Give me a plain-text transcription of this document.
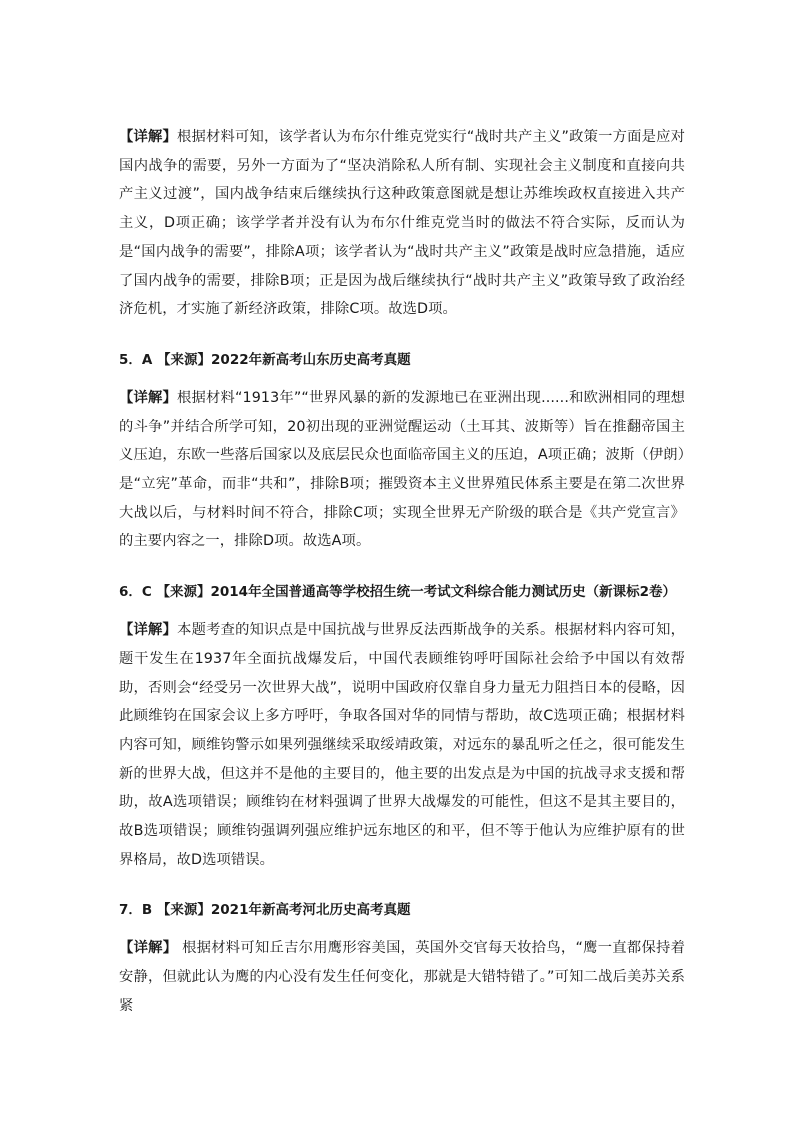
【详解】根据材料可知，该学者认为布尔什维克党实行“战时共产主义”政策一方面是应对国内战争的需要，另外一方面为了“坚决消除私人所有制、实现社会主义制度和直接向共产主义过渡”，国内战争结束后继续执行这种政策意图就是想让苏维埃政权直接进入共产主义，D项正确；该学学者并没有认为布尔什维克党当时的做法不符合实际，反而认为是“国内战争的需要”，排除A项；该学者认为“战时共产主义”政策是战时应急措施，适应了国内战争的需要，排除B项；正是因为战后继续执行“战时共产主义”政策导致了政治经济危机，才实施了新经济政策，排除C项。故选D项。

5．A 【来源】2022年新高考山东历史高考真题

【详解】根据材料“1913年”“世界风暴的新的发源地已在亚洲出现......和欧洲相同的理想的斗争”并结合所学可知，20初出现的亚洲觉醒运动（土耳其、波斯等）旨在推翻帝国主义压迫，东欧一些落后国家以及底层民众也面临帝国主义的压迫，A项正确；波斯（伊朗）是“立宪”革命，而非“共和”，排除B项；摧毁资本主义世界殖民体系主要是在第二次世界大战以后，与材料时间不符合，排除C项；实现全世界无产阶级的联合是《共产党宣言》的主要内容之一，排除D项。故选A项。

6．C 【来源】2014年全国普通高等学校招生统一考试文科综合能力测试历史（新课标2卷）

【详解】本题考查的知识点是中国抗战与世界反法西斯战争的关系。根据材料内容可知，题干发生在1937年全面抗战爆发后，中国代表顾维钧呼吁国际社会给予中国以有效帮助，否则会“经受另一次世界大战”，说明中国政府仅靠自身力量无力阻挡日本的侵略，因此顾维钧在国家会议上多方呼吁，争取各国对华的同情与帮助，故C选项正确；根据材料内容可知，顾维钧警示如果列强继续采取绥靖政策，对远东的暴乱听之任之，很可能发生新的世界大战，但这并不是他的主要目的，他主要的出发点是为中国的抗战寻求支援和帮助，故A选项错误；顾维钧在材料强调了世界大战爆发的可能性，但这不是其主要目的，故B选项错误；顾维钧强调列强应维护远东地区的和平，但不等于他认为应维护原有的世界格局，故D选项错误。

7．B 【来源】2021年新高考河北历史高考真题

【详解】 根据材料可知丘吉尔用鹰形容美国，英国外交官每天妆拾鸟，“鹰一直都保持着安静，但就此认为鹰的内心没有发生任何变化，那就是大错特错了。”可知二战后美苏关系紧
